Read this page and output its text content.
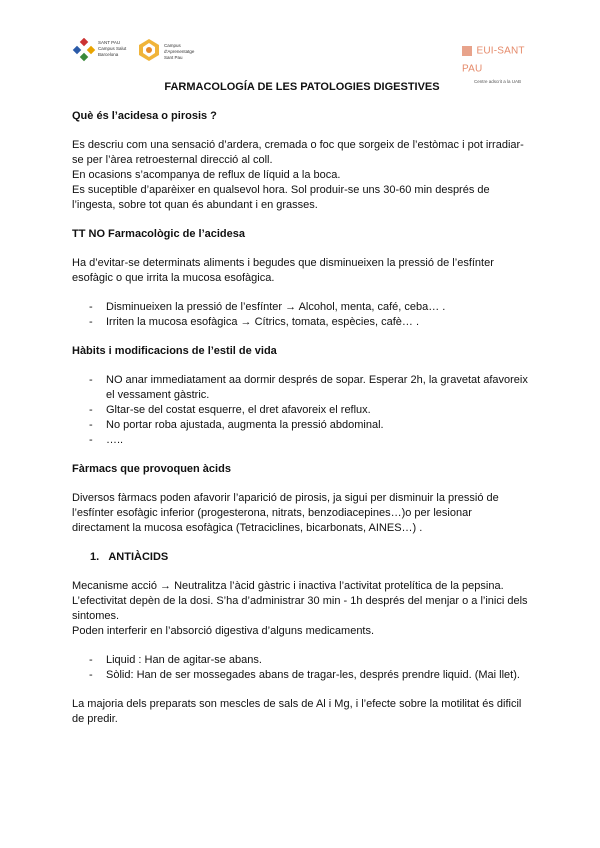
SANT PAU
Campus Salut
Barcelona
Campus
d'Aprenentatge
Sant Pau
EUI-SANT PAU
Centre adscrit a la UAB
FARMACOLOGÍA DE LES PATOLOGIES DIGESTIVES
Què és l’acidesa o pirosis ?

Es descriu com una sensació d’ardera, cremada o foc que sorgeix de l’estòmac i pot irradiar-se per l’àrea retroesternal direcció al coll.

En ocasions s’acompanya de reflux de líquid a la boca.

Es suceptible d’aparèixer en qualsevol hora. Sol produir-se uns 30-60 min després de l’ingesta, sobre tot quan és abundant i en grasses.

TT NO Farmacològic de l’acidesa

Ha d’evitar-se determinats aliments i begudes que disminueixen la pressió de l’esfínter esofàgic o que irrita la mucosa esofàgica.

- Disminueixen la pressió de l’esfínter → Alcohol, menta, café, ceba… .
- Irriten la mucosa esofàgica → Cítrics, tomata, espècies, cafè… .
Hàbits i modificacions de l’estil de vida
- NO anar immediatament aa dormir després de sopar. Esperar 2h, la gravetat afavoreix el vessament gàstric.
- Gltar-se del costat esquerre, el dret afavoreix el reflux.
- No portar roba ajustada, augmenta la pressió abdominal.
- …..
Fàrmacs que provoquen àcids

Diversos fàrmacs poden afavorir l’aparició de pirosis, ja sigui per disminuir la pressió de l’esfínter esofàgic inferior (progesterona, nitrats, benzodiacepines…)o per lesionar directament la mucosa esofàgica (Tetraciclines, bicarbonats, AINES…) .

1. ANTIÀCIDS

Mecanisme acció → Neutralitza l’àcid gàstric i inactiva l’activitat protelítica de la pepsina.

L’efectivitat depèn de la dosi. S’ha d’administrar 30 min - 1h després del menjar o a l’inici dels sintomes.

Poden interferir en l’absorció digestiva d’alguns medicaments.

- Liquid : Han de agitar-se abans.
- Sòlid: Han de ser mossegades abans de tragar-les, després prendre liquid. (Mai llet).

La majoria dels preparats son mescles de sals de Al i Mg, i l’efecte sobre la motilitat és dificil de predir.
